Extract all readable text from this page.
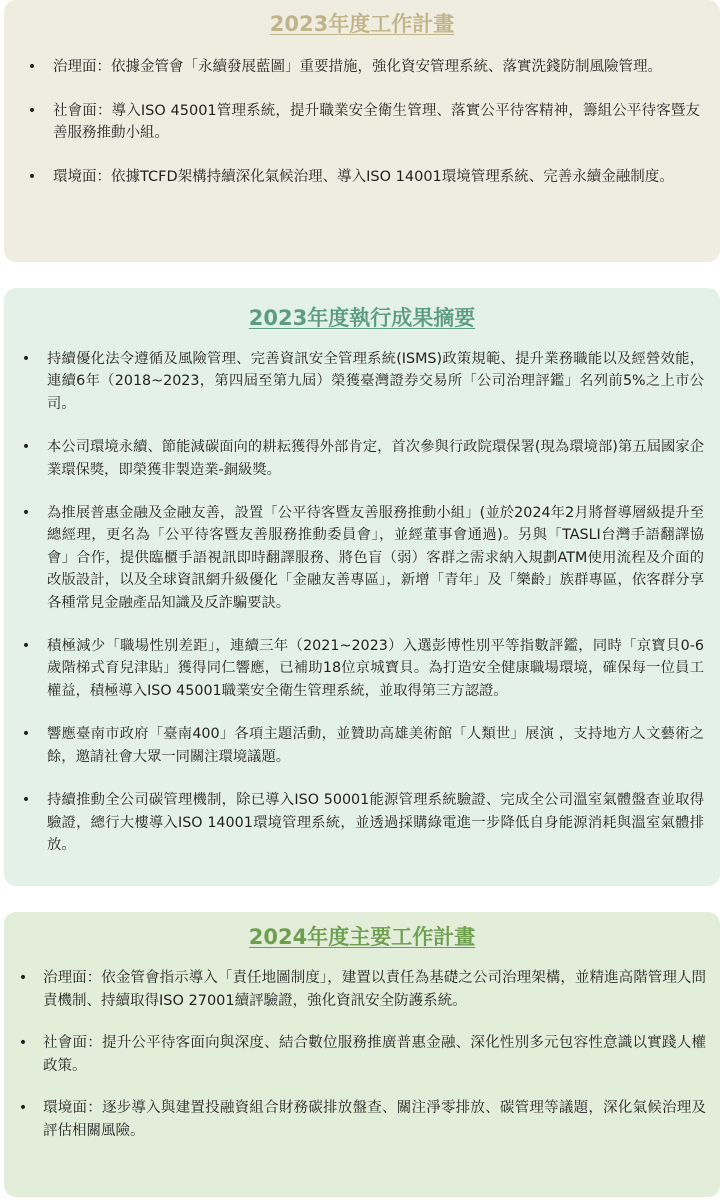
2023年度工作計畫
•	治理面：依據金管會「永續發展藍圖」重要措施，強化資安管理系統、落實洗錢防制風險管理。
•	社會面：導入ISO 45001管理系統，提升職業安全衛生管理、落實公平待客精神，籌組公平待客暨友善服務推動小組。
•	環境面：依據TCFD架構持續深化氣候治理、導入ISO 14001環境管理系統、完善永續金融制度。
2023年度執行成果摘要
•	持續優化法令遵循及風險管理、完善資訊安全管理系統(ISMS)政策規範、提升業務職能以及經營效能，連續6年（2018~2023，第四屆至第九屆）榮獲臺灣證券交易所「公司治理評鑑」名列前5%之上市公司。
•	本公司環境永續、節能減碳面向的耕耘獲得外部肯定，首次參與行政院環保署(現為環境部)第五屆國家企業環保獎，即榮獲非製造業-銅級獎。
•	為推展普惠金融及金融友善，設置「公平待客暨友善服務推動小組」(並於2024年2月將督導層級提升至總經理，更名為「公平待客暨友善服務推動委員會」，並經董事會通過)。另與「TASLI台灣手語翻譯協會」合作，提供臨櫃手語視訊即時翻譯服務、將色盲（弱）客群之需求納入規劃ATM使用流程及介面的改版設計，以及全球資訊網升級優化「金融友善專區」，新增「青年」及「樂齡」族群專區，依客群分享各種常見金融產品知識及反詐騙要訣。
•	積極減少「職場性別差距」，連續三年（2021~2023）入選彭博性別平等指數評鑑，同時「京寶貝0-6歲階梯式育兒津貼」獲得同仁響應，已補助18位京城寶貝。為打造安全健康職場環境，確保每一位員工權益，積極導入ISO 45001職業安全衛生管理系統，並取得第三方認證。
•	響應臺南市政府「臺南400」各項主題活動，並贊助高雄美術館「人類世」展演 ，支持地方人文藝術之餘，邀請社會大眾一同關注環境議題。
•	持續推動全公司碳管理機制，除已導入ISO 50001能源管理系統驗證、完成全公司溫室氣體盤查並取得驗證，總行大樓導入ISO 14001環境管理系統，並透過採購綠電進一步降低自身能源消耗與溫室氣體排放。
2024年度主要工作計畫
•	治理面：依金管會指示導入「責任地圖制度」，建置以責任為基礎之公司治理架構，並精進高階管理人問責機制、持續取得ISO 27001續評驗證，強化資訊安全防護系統。
•	社會面：提升公平待客面向與深度、結合數位服務推廣普惠金融、深化性別多元包容性意識以實踐人權政策。
•	環境面：逐步導入與建置投融資組合財務碳排放盤查、關注淨零排放、碳管理等議題，深化氣候治理及評估相關風險。
